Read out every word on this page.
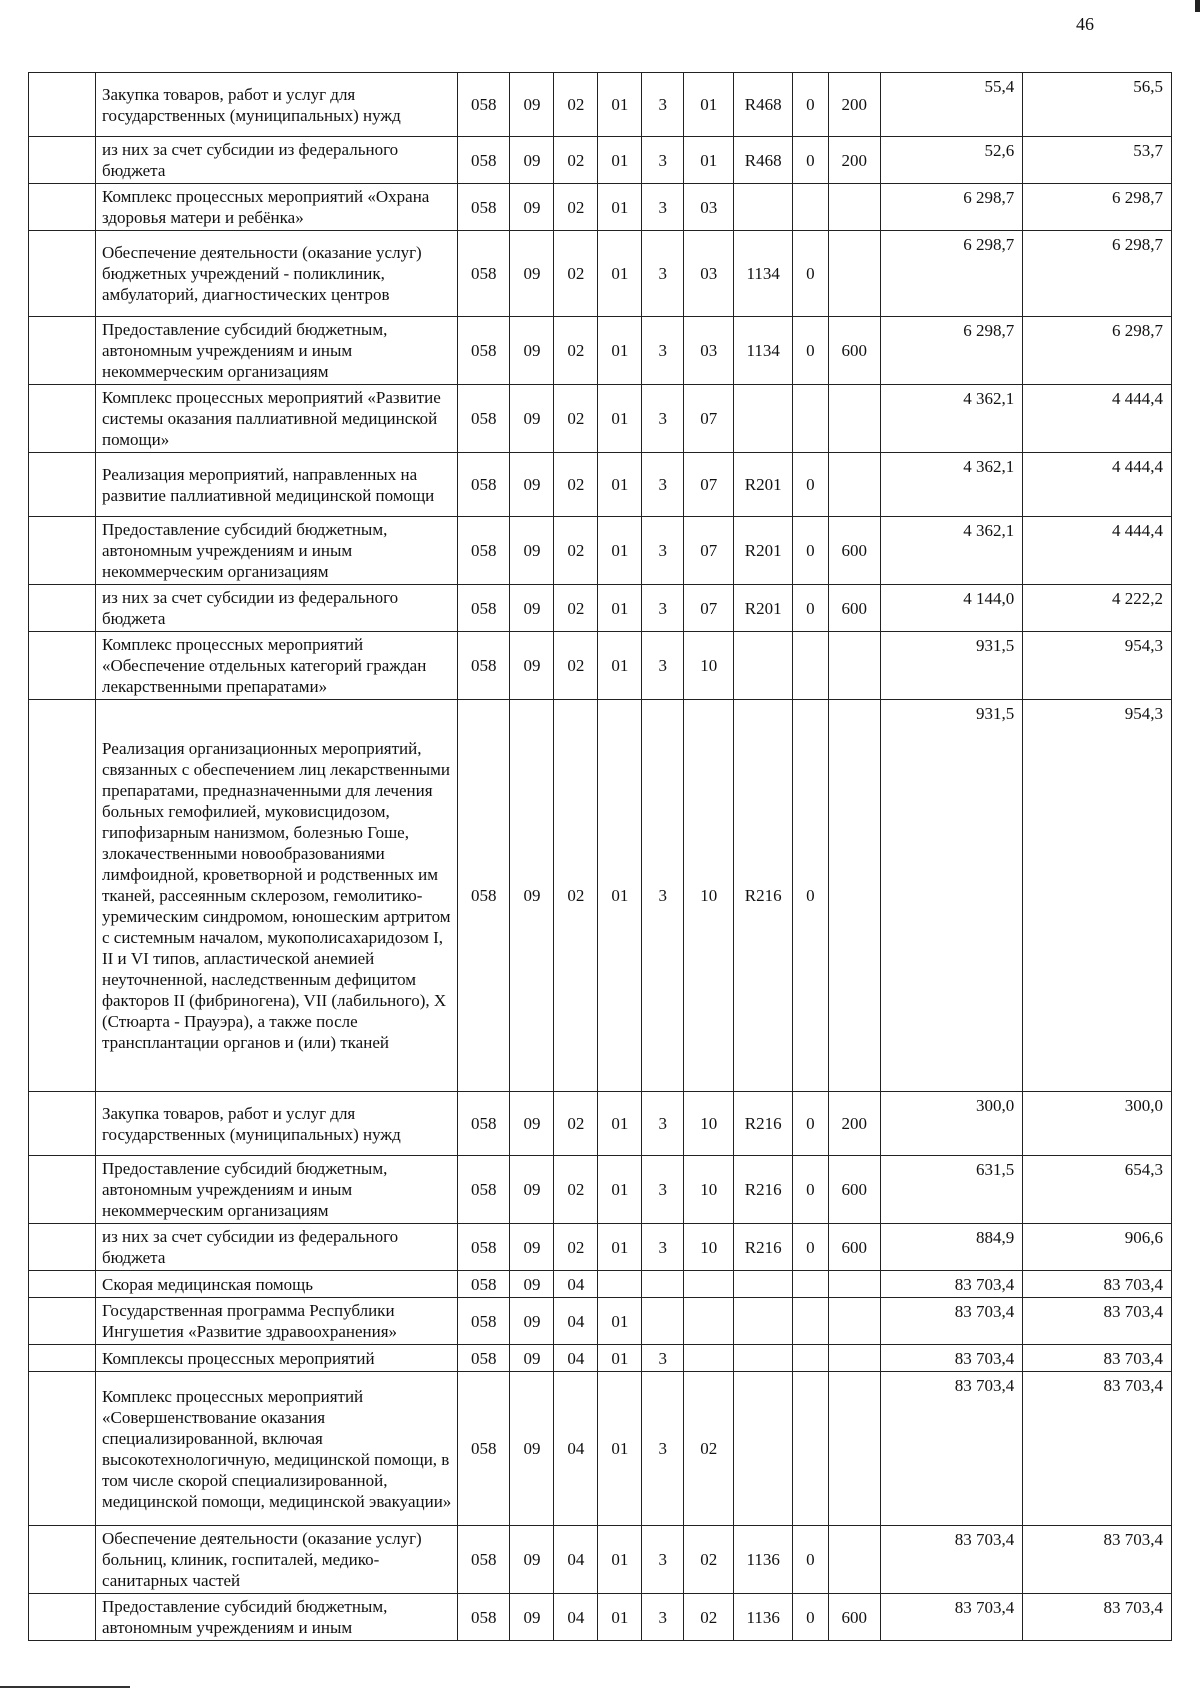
46
	Закупка товаров, работ и услуг для государственных (муниципальных) нужд	058	09	02	01	3	01	R468	0	200	55,4	56,5
	из них за счет субсидии из федерального бюджета	058	09	02	01	3	01	R468	0	200	52,6	53,7
	Комплекс процессных мероприятий «Охрана здоровья матери и ребёнка»	058	09	02	01	3	03				6 298,7	6 298,7
	Обеспечение деятельности (оказание услуг) бюджетных учреждений - поликлиник, амбулаторий, диагностических центров	058	09	02	01	3	03	1134	0		6 298,7	6 298,7
	Предоставление субсидий бюджетным, автономным учреждениям и иным некоммерческим организациям	058	09	02	01	3	03	1134	0	600	6 298,7	6 298,7
	Комплекс процессных мероприятий «Развитие системы оказания паллиативной медицинской помощи»	058	09	02	01	3	07				4 362,1	4 444,4
	Реализация мероприятий, направленных на развитие паллиативной медицинской помощи	058	09	02	01	3	07	R201	0		4 362,1	4 444,4
	Предоставление субсидий бюджетным, автономным учреждениям и иным некоммерческим организациям	058	09	02	01	3	07	R201	0	600	4 362,1	4 444,4
	из них за счет субсидии из федерального бюджета	058	09	02	01	3	07	R201	0	600	4 144,0	4 222,2
	Комплекс процессных мероприятий «Обеспечение отдельных категорий граждан лекарственными препаратами»	058	09	02	01	3	10				931,5	954,3
	Реализация организационных мероприятий, связанных с обеспечением лиц лекарственными препаратами, предназначенными для лечения больных гемофилией, муковисцидозом, гипофизарным нанизмом, болезнью Гоше, злокачественными новообразованиями лимфоидной, кроветворной и родственных им тканей, рассеянным склерозом, гемолитико-уремическим синдромом, юношеским артритом с системным началом, мукополисахаридозом I, II и VI типов, апластической анемией неуточненной, наследственным дефицитом факторов II (фибриногена), VII (лабильного), X (Стюарта - Прауэра), а также после трансплантации органов и (или) тканей	058	09	02	01	3	10	R216	0		931,5	954,3
	Закупка товаров, работ и услуг для государственных (муниципальных) нужд	058	09	02	01	3	10	R216	0	200	300,0	300,0
	Предоставление субсидий бюджетным, автономным учреждениям и иным некоммерческим организациям	058	09	02	01	3	10	R216	0	600	631,5	654,3
	из них за счет субсидии из федерального бюджета	058	09	02	01	3	10	R216	0	600	884,9	906,6
	Скорая медицинская помощь	058	09	04							83 703,4	83 703,4
	Государственная программа Республики Ингушетия «Развитие здравоохранения»	058	09	04	01						83 703,4	83 703,4
	Комплексы процессных мероприятий	058	09	04	01	3					83 703,4	83 703,4
	Комплекс процессных мероприятий «Совершенствование оказания специализированной, включая высокотехнологичную, медицинской помощи, в том числе скорой специализированной, медицинской помощи, медицинской эвакуации»	058	09	04	01	3	02				83 703,4	83 703,4
	Обеспечение деятельности (оказание услуг) больниц, клиник, госпиталей, медико-санитарных частей	058	09	04	01	3	02	1136	0		83 703,4	83 703,4
	Предоставление субсидий бюджетным, автономным учреждениям и иным	058	09	04	01	3	02	1136	0	600	83 703,4	83 703,4
